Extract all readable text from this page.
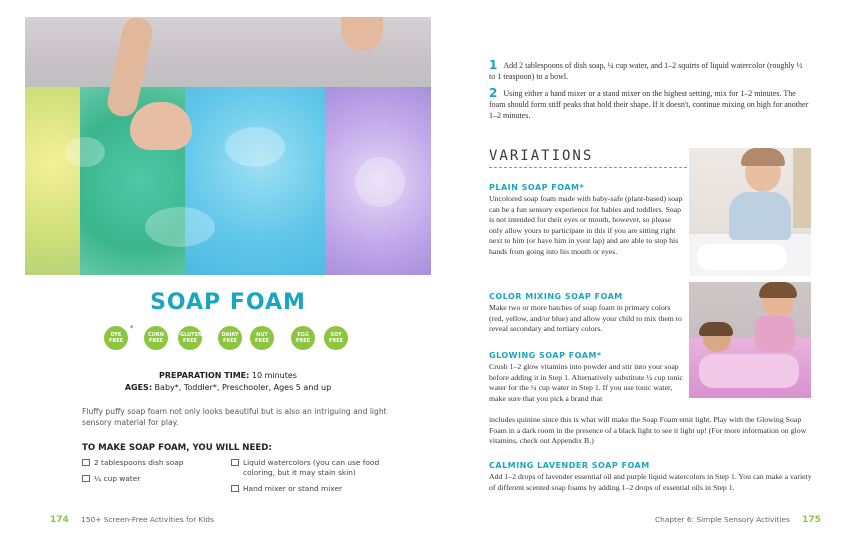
SOAP FOAM
DYE FREE
*
CORN FREE
GLUTEN FREE
DAIRY FREE
NUT FREE
EGG FREE
SOY FREE
PREPARATION TIME: 10 minutes
AGES: Baby*, Toddler*, Preschooler, Ages 5 and up
Fluffy puffy soap foam not only looks beautiful but is also an intriguing and light sensory material for play.
TO MAKE SOAP FOAM, YOU WILL NEED:
2 tablespoons dish soap
¼ cup water
Liquid watercolors (you can use food coloring, but it may stain skin)
Hand mixer or stand mixer
174 150+ Screen-Free Activities for Kids

1 Add 2 tablespoons of dish soap, ¼ cup water, and 1–2 squirts of liquid watercolor (roughly ½ to 1 teaspoon) to a bowl.

2 Using either a hand mixer or a stand mixer on the highest setting, mix for 1–2 minutes. The foam should form stiff peaks that hold their shape. If it doesn't, continue mixing on high for another 1–2 minutes.

VARIATIONS
PLAIN SOAP FOAM*
Uncolored soap foam made with baby-safe (plant-based) soap can be a fun sensory experience for babies and toddlers. Soap is not intended for their eyes or mouth, however, so please only allow yours to participate in this if you are sitting right next to him (or have him in your lap) and are able to stop his hands from going into his mouth or eyes.
COLOR MIXING SOAP FOAM
Make two or more batches of soap foam in primary colors (red, yellow, and/or blue) and allow your child to mix them to reveal secondary and tertiary colors.
GLOWING SOAP FOAM*
Crush 1–2 glow vitamins into powder and stir into your soap before adding it in Step 1. Alternatively substitute ¼ cup tonic water for the ¼ cup water in Step 1. If you use tonic water, make sure that you pick a brand that
includes quinine since this is what will make the Soap Foam emit light. Play with the Glowing Soap Foam in a dark room in the presence of a black light to see it light up! (For more information on glow vitamins, check out Appendix B.)
CALMING LAVENDER SOAP FOAM
Add 1–2 drops of lavender essential oil and purple liquid watercolors in Step 1. You can make a variety of different scented soap foams by adding 1–2 drops of essential oils in Step 1.
Chapter 6: Simple Sensory Activities 175
